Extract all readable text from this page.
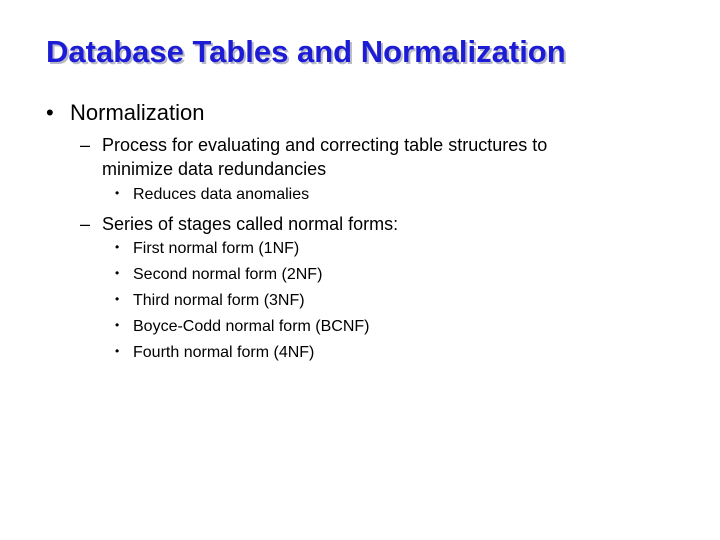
Database Tables and Normalization
• Normalization
– Process for evaluating and correcting table structures to
minimize data redundancies
• Reduces data anomalies
– Series of stages called normal forms:
• First normal form (1NF)
• Second normal form (2NF)
• Third normal form (3NF)
• Boyce-Codd normal form (BCNF)
• Fourth normal form (4NF)
